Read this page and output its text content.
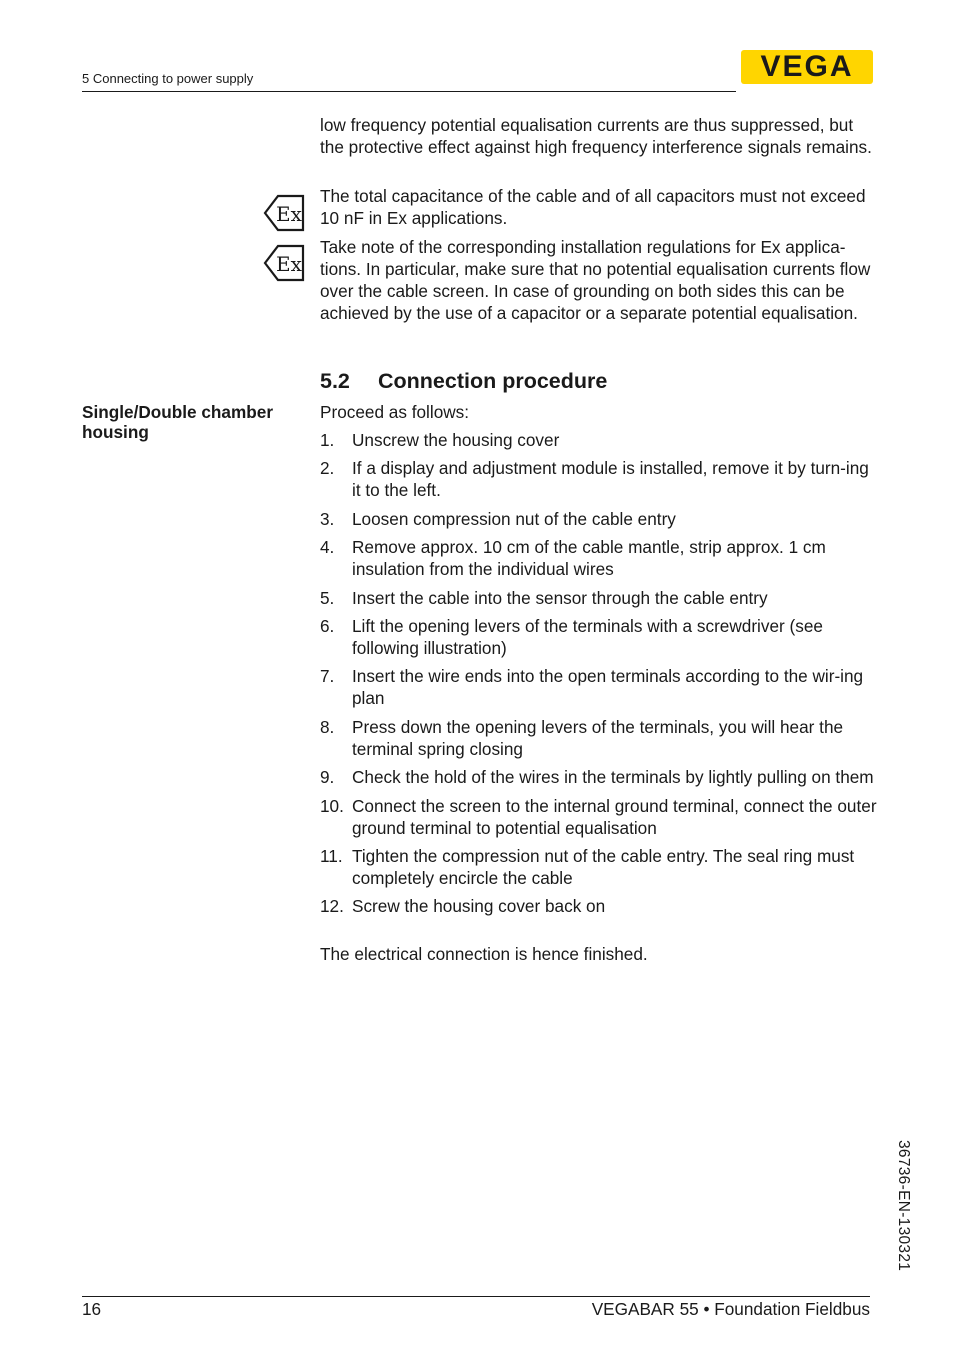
5 Connecting to power supply	VEGA

low frequency potential equalisation currents are thus suppressed, but the protective effect against high frequency interference signals remains.

Ex

The total capacitance of the cable and of all capacitors must not exceed 10 nF in Ex applications.

Ex

Take note of the corresponding installation regulations for Ex applica-tions. In particular, make sure that no potential equalisation currents flow over the cable screen. In case of grounding on both sides this can be achieved by the use of a capacitor or a separate potential equalisation.

5.2 Connection procedure
Single/Double chamber housing

Proceed as follows:

1.	Unscrew the housing cover
2.	If a display and adjustment module is installed, remove it by turn-ing it to the left.
3.	Loosen compression nut of the cable entry
4.	Remove approx. 10 cm of the cable mantle, strip approx. 1 cm insulation from the individual wires
5.	Insert the cable into the sensor through the cable entry
6.	Lift the opening levers of the terminals with a screwdriver (see following illustration)
7.	Insert the wire ends into the open terminals according to the wir-ing plan
8.	Press down the opening levers of the terminals, you will hear the terminal spring closing
9.	Check the hold of the wires in the terminals by lightly pulling on them
10. Connect the screen to the internal ground terminal, connect the outer ground terminal to potential equalisation
11. Tighten the compression nut of the cable entry. The seal ring must completely encircle the cable
12. Screw the housing cover back on

The electrical connection is hence finished.

36736-EN-130321
16	VEGABAR 55 • Foundation Fieldbus
